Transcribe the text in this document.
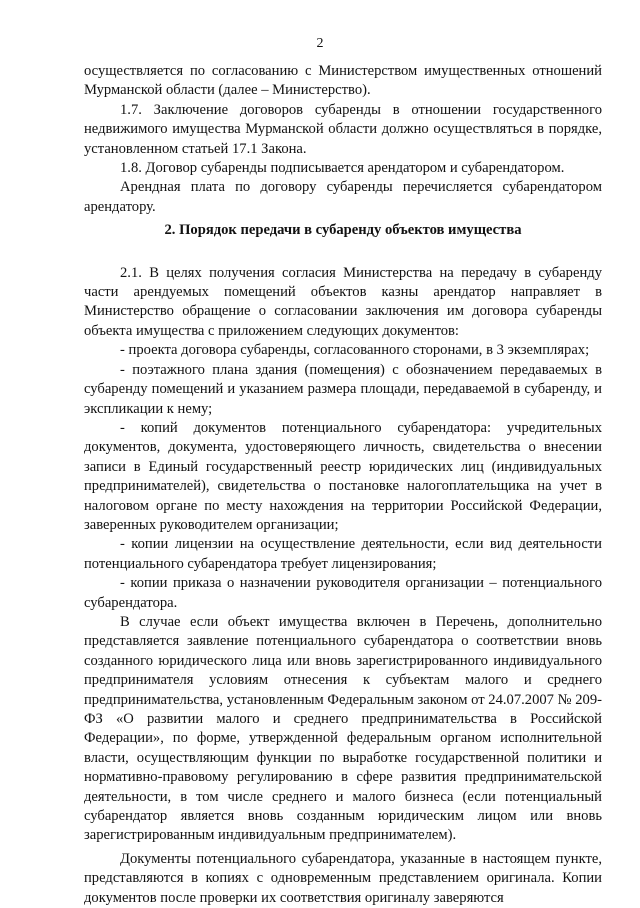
2

осуществляется по согласованию с Министерством имущественных отношений Мурманской области (далее – Министерство).

1.7. Заключение договоров субаренды в отношении государственного недвижимого имущества Мурманской области должно осуществляться в порядке, установленном статьей 17.1 Закона.

1.8. Договор субаренды подписывается арендатором и субарендатором.

Арендная плата по договору субаренды перечисляется субарендатором арендатору.

2. Порядок передачи в субаренду объектов имущества

2.1. В целях получения согласия Министерства на передачу в субаренду части арендуемых помещений объектов казны арендатор направляет в Министерство обращение о согласовании заключения им договора субаренды объекта имущества с приложением следующих документов:

- проекта договора субаренды, согласованного сторонами, в 3 экземплярах;

- поэтажного плана здания (помещения) с обозначением передаваемых в субаренду помещений и указанием размера площади, передаваемой в субаренду, и экспликации к нему;

- копий документов потенциального субарендатора: учредительных документов, документа, удостоверяющего личность, свидетельства о внесении записи в Единый государственный реестр юридических лиц (индивидуальных предпринимателей), свидетельства о постановке налогоплательщика на учет в налоговом органе по месту нахождения на территории Российской Федерации, заверенных руководителем организации;

- копии лицензии на осуществление деятельности, если вид деятельности потенциального субарендатора требует лицензирования;

- копии приказа о назначении руководителя организации – потенциального субарендатора.

В случае если объект имущества включен в Перечень, дополнительно представляется заявление потенциального субарендатора о соответствии вновь созданного юридического лица или вновь зарегистрированного индивидуального предпринимателя условиям отнесения к субъектам малого и среднего предпринимательства, установленным Федеральным законом от 24.07.2007 № 209-ФЗ «О развитии малого и среднего предпринимательства в Российской Федерации», по форме, утвержденной федеральным органом исполнительной власти, осуществляющим функции по выработке государственной политики и нормативно-правовому регулированию в сфере развития предпринимательской деятельности, в том числе среднего и малого бизнеса (если потенциальный субарендатор является вновь созданным юридическим лицом или вновь зарегистрированным индивидуальным предпринимателем).

Документы потенциального субарендатора, указанные в настоящем пункте, представляются в копиях с одновременным представлением оригинала. Копии документов после проверки их соответствия оригиналу заверяются
